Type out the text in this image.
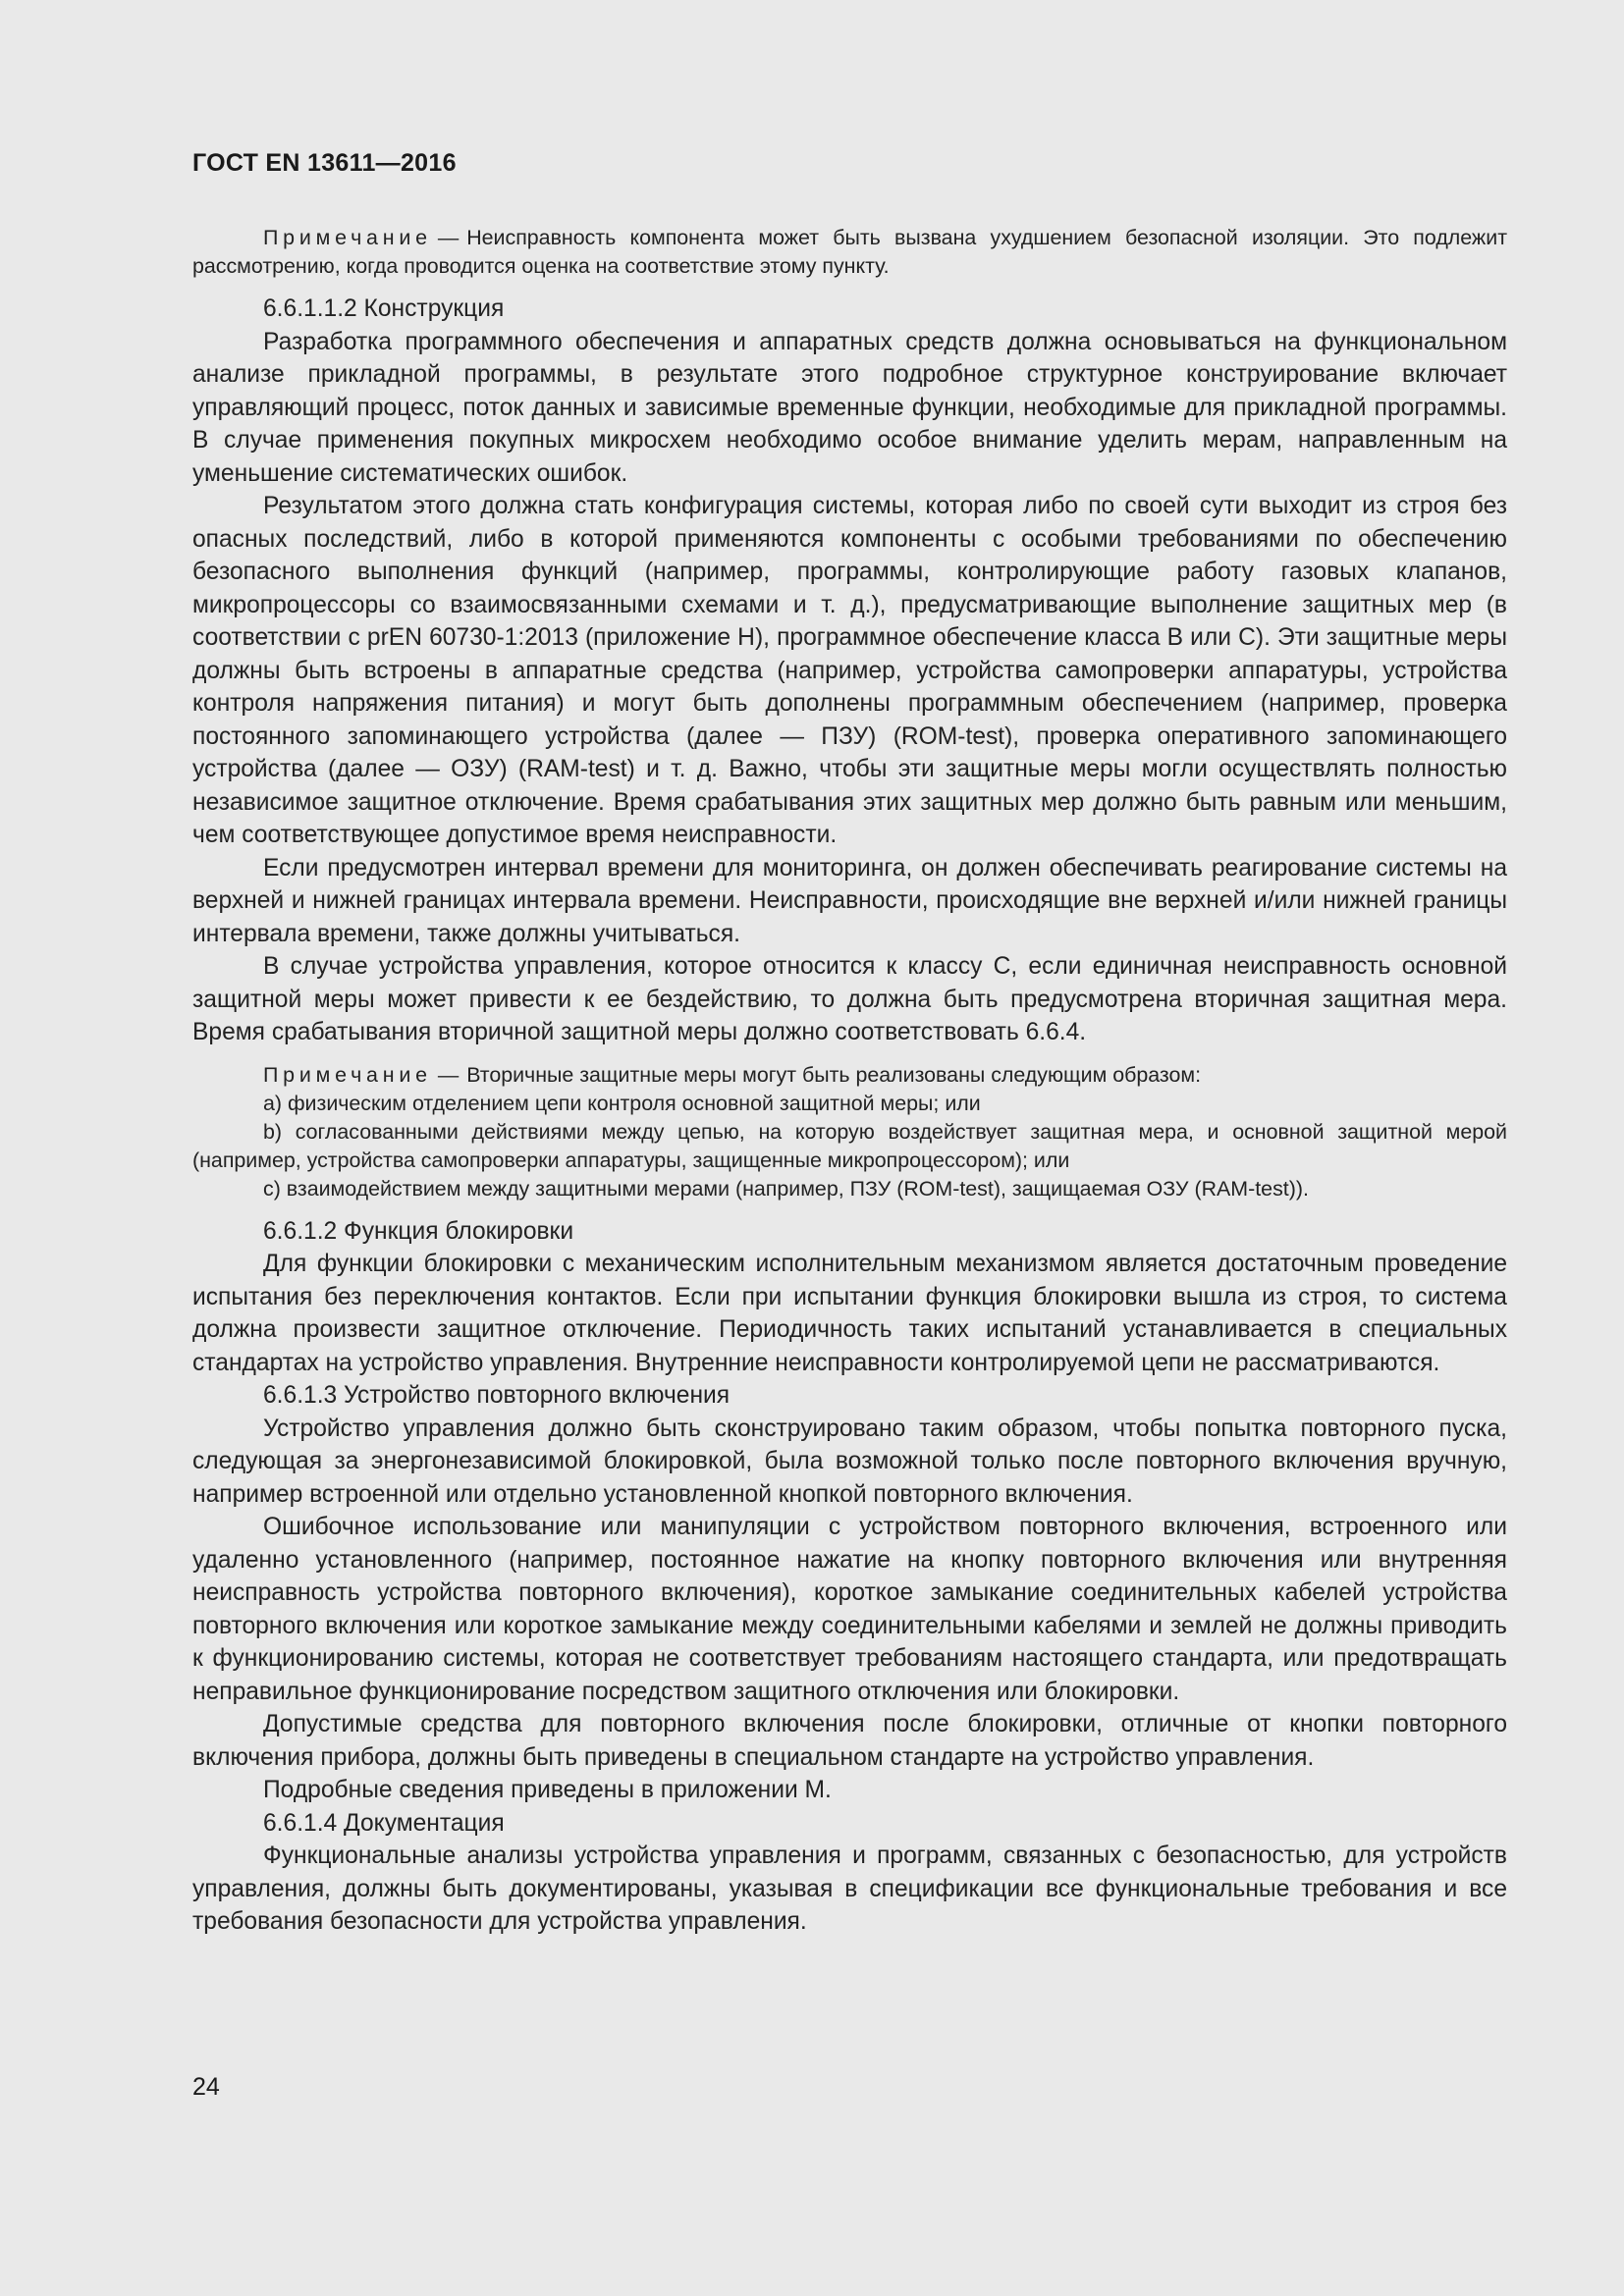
ГОСТ EN 13611—2016

Примечание — Неисправность компонента может быть вызвана ухудшением безопасной изоляции. Это подлежит рассмотрению, когда проводится оценка на соответствие этому пункту.

6.6.1.1.2 Конструкция

Разработка программного обеспечения и аппаратных средств должна основываться на функциональном анализе прикладной программы, в результате этого подробное структурное конструирование включает управляющий процесс, поток данных и зависимые временные функции, необходимые для прикладной программы. В случае применения покупных микросхем необходимо особое внимание уделить мерам, направленным на уменьшение систематических ошибок.

Результатом этого должна стать конфигурация системы, которая либо по своей сути выходит из строя без опасных последствий, либо в которой применяются компоненты с особыми требованиями по обеспечению безопасного выполнения функций (например, программы, контролирующие работу газовых клапанов, микропроцессоры со взаимосвязанными схемами и т. д.), предусматривающие выполнение защитных мер (в соответствии с prEN 60730-1:2013 (приложение Н), программное обеспечение класса В или С). Эти защитные меры должны быть встроены в аппаратные средства (например, устройства самопроверки аппаратуры, устройства контроля напряжения питания) и могут быть дополнены программным обеспечением (например, проверка постоянного запоминающего устройства (далее — ПЗУ) (ROM-test), проверка оперативного запоминающего устройства (далее — ОЗУ) (RAM-test) и т. д. Важно, чтобы эти защитные меры могли осуществлять полностью независимое защитное отключение. Время срабатывания этих защитных мер должно быть равным или меньшим, чем соответствующее допустимое время неисправности.

Если предусмотрен интервал времени для мониторинга, он должен обеспечивать реагирование системы на верхней и нижней границах интервала времени. Неисправности, происходящие вне верхней и/или нижней границы интервала времени, также должны учитываться.

В случае устройства управления, которое относится к классу С, если единичная неисправность основной защитной меры может привести к ее бездействию, то должна быть предусмотрена вторичная защитная мера. Время срабатывания вторичной защитной меры должно соответствовать 6.6.4.

Примечание — Вторичные защитные меры могут быть реализованы следующим образом:

а) физическим отделением цепи контроля основной защитной меры; или

b) согласованными действиями между цепью, на которую воздействует защитная мера, и основной защитной мерой (например, устройства самопроверки аппаратуры, защищенные микропроцессором); или

с) взаимодействием между защитными мерами (например, ПЗУ (ROM-test), защищаемая ОЗУ (RAM-test)).

6.6.1.2 Функция блокировки

Для функции блокировки с механическим исполнительным механизмом является достаточным проведение испытания без переключения контактов. Если при испытании функция блокировки вышла из строя, то система должна произвести защитное отключение. Периодичность таких испытаний устанавливается в специальных стандартах на устройство управления. Внутренние неисправности контролируемой цепи не рассматриваются.

6.6.1.3 Устройство повторного включения

Устройство управления должно быть сконструировано таким образом, чтобы попытка повторного пуска, следующая за энергонезависимой блокировкой, была возможной только после повторного включения вручную, например встроенной или отдельно установленной кнопкой повторного включения.

Ошибочное использование или манипуляции с устройством повторного включения, встроенного или удаленно установленного (например, постоянное нажатие на кнопку повторного включения или внутренняя неисправность устройства повторного включения), короткое замыкание соединительных кабелей устройства повторного включения или короткое замыкание между соединительными кабелями и землей не должны приводить к функционированию системы, которая не соответствует требованиям настоящего стандарта, или предотвращать неправильное функционирование посредством защитного отключения или блокировки.

Допустимые средства для повторного включения после блокировки, отличные от кнопки повторного включения прибора, должны быть приведены в специальном стандарте на устройство управления.

Подробные сведения приведены в приложении М.

6.6.1.4 Документация

Функциональные анализы устройства управления и программ, связанных с безопасностью, для устройств управления, должны быть документированы, указывая в спецификации все функциональные требования и все требования безопасности для устройства управления.

24
